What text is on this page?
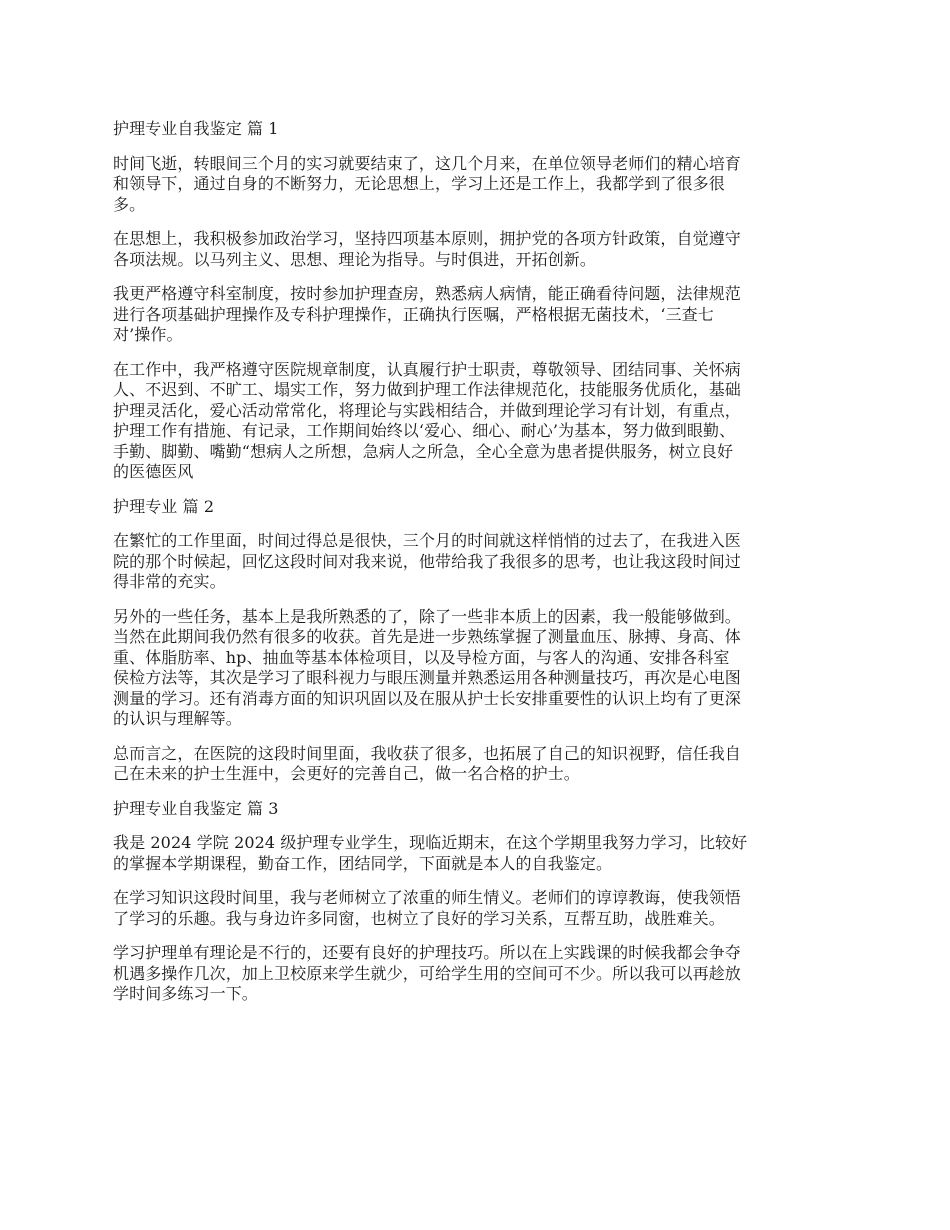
护理专业自我鉴定 篇 1
时间飞逝，转眼间三个月的实习就要结束了，这几个月来，在单位领导老师们的精心培育
和领导下，通过自身的不断努力，无论思想上，学习上还是工作上，我都学到了很多很
多。
在思想上，我积极参加政治学习，坚持四项基本原则，拥护党的各项方针政策，自觉遵守
各项法规。以马列主义、思想、理论为指导。与时俱进，开拓创新。
我更严格遵守科室制度，按时参加护理查房，熟悉病人病情，能正确看待问题，法律规范
进行各项基础护理操作及专科护理操作，正确执行医嘱，严格根据无菌技术，‘三查七
对’操作。
在工作中，我严格遵守医院规章制度，认真履行护士职责，尊敬领导、团结同事、关怀病
人、不迟到、不旷工、塌实工作，努力做到护理工作法律规范化，技能服务优质化，基础
护理灵活化，爱心活动常常化，将理论与实践相结合，并做到理论学习有计划，有重点，
护理工作有措施、有记录，工作期间始终以‘爱心、细心、耐心’为基本，努力做到眼勤、
手勤、脚勤、嘴勤“想病人之所想，急病人之所急，全心全意为患者提供服务，树立良好
的医德医风
护理专业 篇 2
在繁忙的工作里面，时间过得总是很快，三个月的时间就这样悄悄的过去了，在我进入医
院的那个时候起，回忆这段时间对我来说，他带给我了我很多的思考，也让我这段时间过
得非常的充实。
另外的一些任务，基本上是我所熟悉的了，除了一些非本质上的因素，我一般能够做到。
当然在此期间我仍然有很多的收获。首先是进一步熟练掌握了测量血压、脉搏、身高、体
重、体脂肪率、hp、抽血等基本体检项目，以及导检方面，与客人的沟通、安排各科室
侯检方法等，其次是学习了眼科视力与眼压测量并熟悉运用各种测量技巧，再次是心电图
测量的学习。还有消毒方面的知识巩固以及在服从护士长安排重要性的认识上均有了更深
的认识与理解等。
总而言之，在医院的这段时间里面，我收获了很多，也拓展了自己的知识视野，信任我自
己在未来的护士生涯中，会更好的完善自己，做一名合格的护士。
护理专业自我鉴定 篇 3
我是 2024 学院 2024 级护理专业学生，现临近期末，在这个学期里我努力学习，比较好
的掌握本学期课程，勤奋工作，团结同学，下面就是本人的自我鉴定。
在学习知识这段时间里，我与老师树立了浓重的师生情义。老师们的谆谆教诲，使我领悟
了学习的乐趣。我与身边许多同窗，也树立了良好的学习关系，互帮互助，战胜难关。
学习护理单有理论是不行的，还要有良好的护理技巧。所以在上实践课的时候我都会争夺
机遇多操作几次，加上卫校原来学生就少，可给学生用的空间可不少。所以我可以再趁放
学时间多练习一下。
